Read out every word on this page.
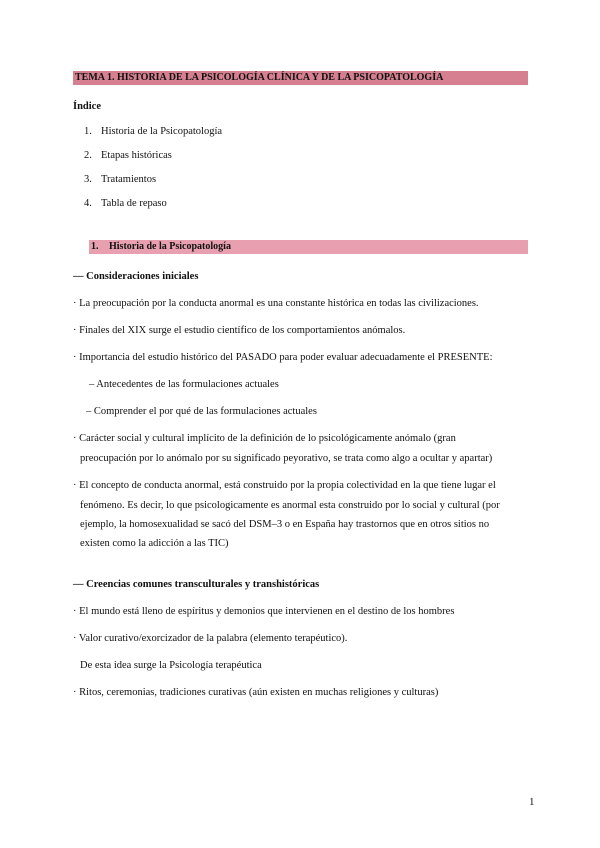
TEMA 1. HISTORIA DE LA PSICOLOGÍA CLÍNICA Y DE LA PSICOPATOLOGÍA
Índice
1. Historia de la Psicopatología
2. Etapas históricas
3. Tratamientos
4. Tabla de repaso
1. Historia de la Psicopatología
— Consideraciones iniciales
· La preocupación por la conducta anormal es una constante histórica en todas las civilizaciones.
· Finales del XIX surge el estudio científico de los comportamientos anómalos.
· Importancia del estudio histórico del PASADO para poder evaluar adecuadamente el PRESENTE:
– Antecedentes de las formulaciones actuales
– Comprender el por qué de las formulaciones actuales
· Carácter social y cultural implícito de la definición de lo psicológicamente anómalo (gran
preocupación por lo anómalo por su significado peyorativo, se trata como algo a ocultar y apartar)
· El concepto de conducta anormal, está construido por la propia colectividad en la que tiene lugar el
fenómeno. Es decir, lo que psicologicamente es anormal esta construido por lo social y cultural (por
ejemplo, la homosexualidad se sacó del DSM–3 o en España hay trastornos que en otros sitios no
existen como la adicción a las TIC)
— Creencias comunes transculturales y transhistóricas
· El mundo está lleno de espíritus y demonios que intervienen en el destino de los hombres
· Valor curativo/exorcizador de la palabra (elemento terapéutico).
De esta idea surge la Psicología terapéutica
· Ritos, ceremonias, tradiciones curativas (aún existen en muchas religiones y culturas)
1
